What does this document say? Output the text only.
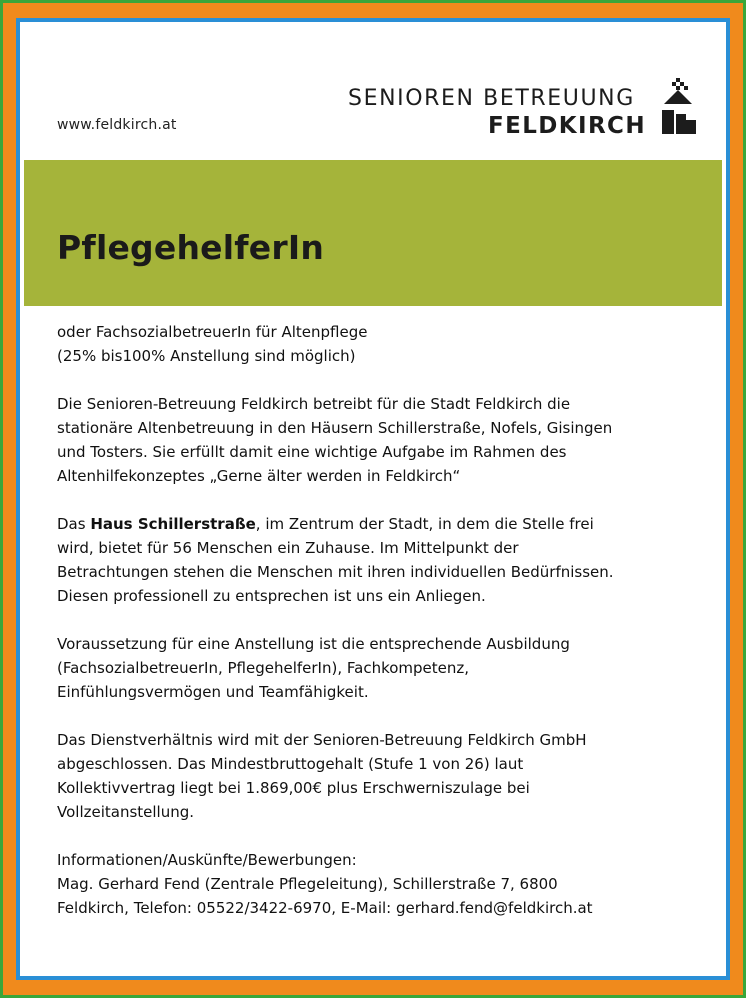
www.feldkirch.at
SENIOREN BETREUUNG
FELDKIRCH
PflegehelferIn

oder FachsozialbetreuerIn für Altenpflege
(25% bis100% Anstellung sind möglich)

Die Senioren-Betreuung Feldkirch betreibt für die Stadt Feldkirch die
stationäre Altenbetreuung in den Häusern Schillerstraße, Nofels, Gisingen
und Tosters. Sie erfüllt damit eine wichtige Aufgabe im Rahmen des
Altenhilfekonzeptes „Gerne älter werden in Feldkirch“

Das Haus Schillerstraße, im Zentrum der Stadt, in dem die Stelle frei
wird, bietet für 56 Menschen ein Zuhause. Im Mittelpunkt der
Betrachtungen stehen die Menschen mit ihren individuellen Bedürfnissen.
Diesen professionell zu entsprechen ist uns ein Anliegen.

Voraussetzung für eine Anstellung ist die entsprechende Ausbildung
(FachsozialbetreuerIn, PflegehelferIn), Fachkompetenz,
Einfühlungsvermögen und Teamfähigkeit.

Das Dienstverhältnis wird mit der Senioren-Betreuung Feldkirch GmbH
abgeschlossen. Das Mindestbruttogehalt (Stufe 1 von 26) laut
Kollektivvertrag liegt bei 1.869,00€ plus Erschwerniszulage bei
Vollzeitanstellung.

Informationen/Auskünfte/Bewerbungen:
Mag. Gerhard Fend (Zentrale Pflegeleitung), Schillerstraße 7, 6800
Feldkirch, Telefon: 05522/3422-6970, E-Mail: gerhard.fend@feldkirch.at
